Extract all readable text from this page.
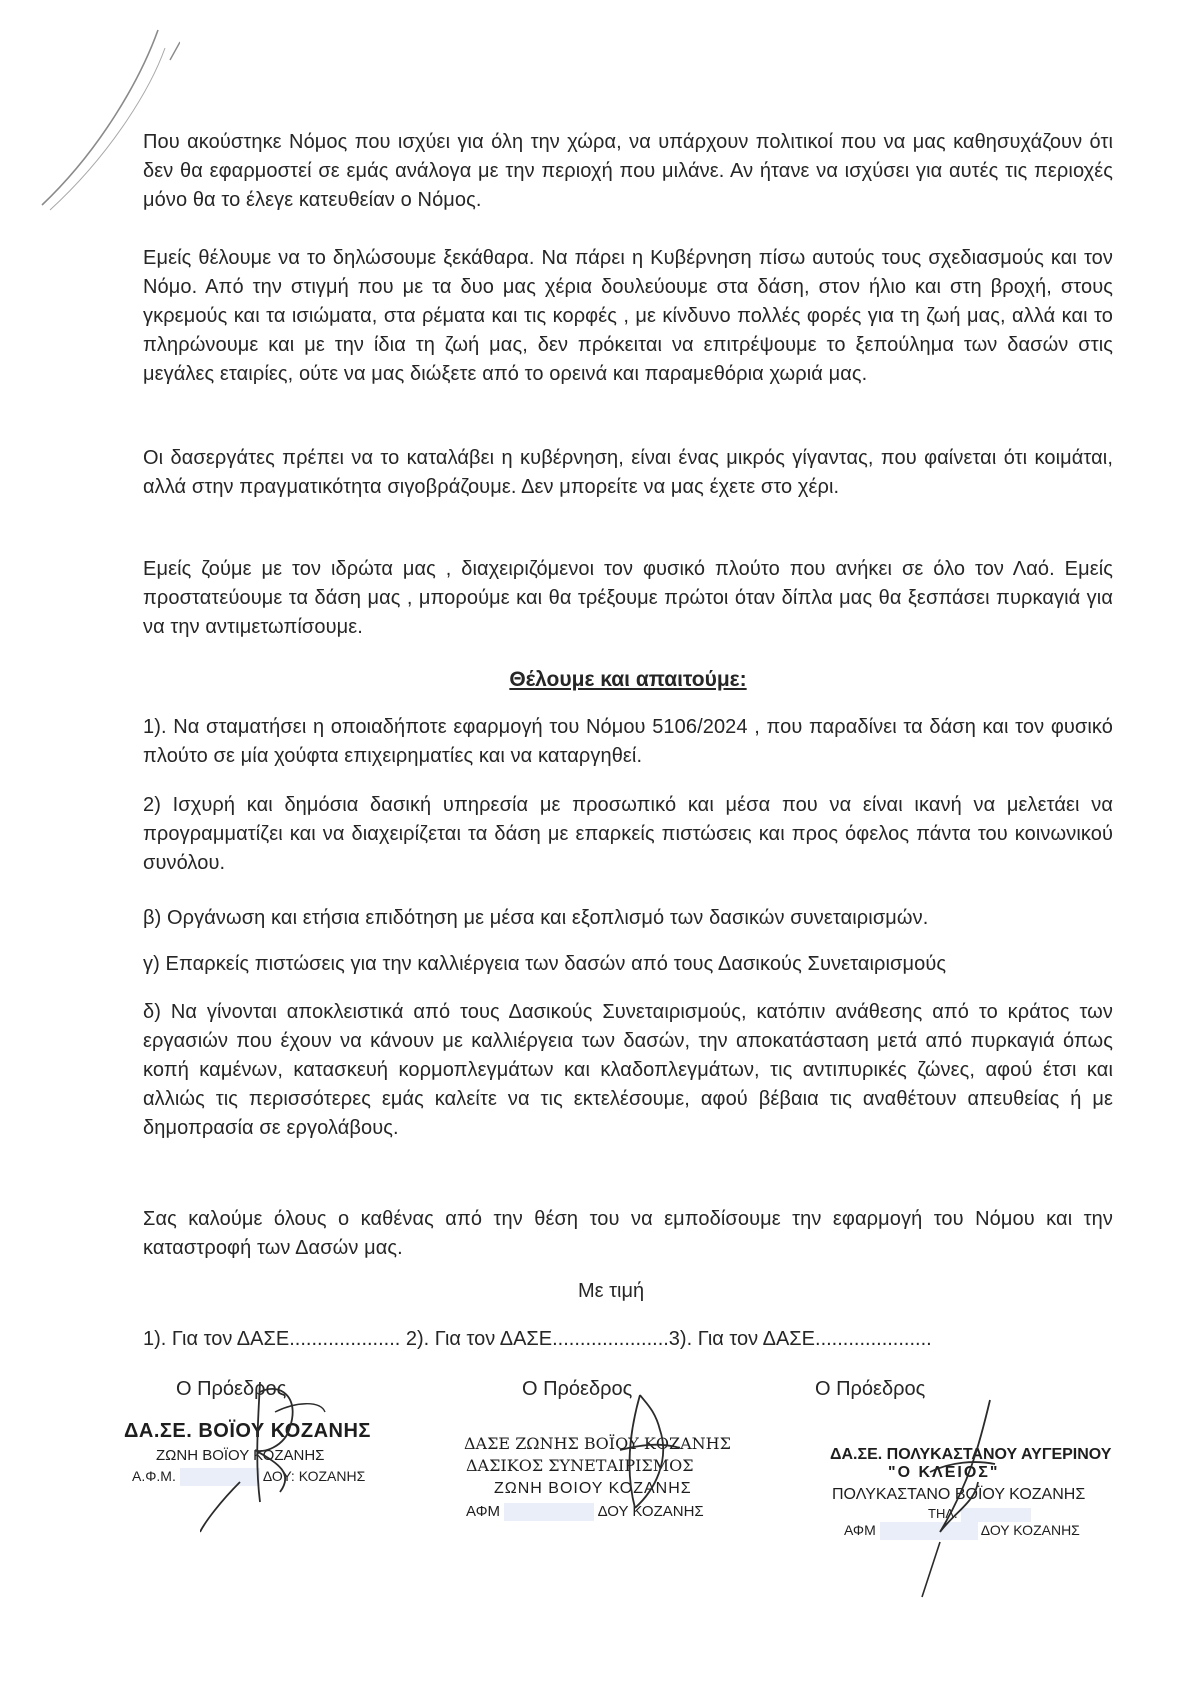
Που ακούστηκε Νόμος που ισχύει για όλη την χώρα, να υπάρχουν πολιτικοί που να μας καθησυχάζουν ότι δεν θα εφαρμοστεί σε εμάς ανάλογα με την περιοχή που μιλάνε. Αν ήτανε να ισχύσει για αυτές τις περιοχές μόνο θα το έλεγε κατευθείαν ο Νόμος.
Εμείς θέλουμε να το δηλώσουμε ξεκάθαρα. Να πάρει η Κυβέρνηση πίσω αυτούς τους σχεδιασμούς και τον Νόμο. Από την στιγμή που με τα δυο μας χέρια δουλεύουμε στα δάση, στον ήλιο και στη βροχή, στους γκρεμούς και τα ισιώματα, στα ρέματα και τις κορφές , με κίνδυνο πολλές φορές για τη ζωή μας, αλλά και το πληρώνουμε και με την ίδια τη ζωή μας, δεν πρόκειται να επιτρέψουμε το ξεπούλημα των δασών στις μεγάλες εταιρίες, ούτε να μας διώξετε από το ορεινά και παραμεθόρια χωριά μας.
Οι δασεργάτες πρέπει να το καταλάβει η κυβέρνηση, είναι ένας μικρός γίγαντας, που φαίνεται ότι κοιμάται, αλλά στην πραγματικότητα σιγοβράζουμε. Δεν μπορείτε να μας έχετε στο χέρι.
Εμείς ζούμε με τον ιδρώτα μας , διαχειριζόμενοι τον φυσικό πλούτο που ανήκει σε όλο τον Λαό. Εμείς προστατεύουμε τα δάση μας , μπορούμε και θα τρέξουμε πρώτοι όταν δίπλα μας θα ξεσπάσει πυρκαγιά για να την αντιμετωπίσουμε.
Θέλουμε και απαιτούμε:
1). Να σταματήσει η οποιαδήποτε εφαρμογή του Νόμου 5106/2024 , που παραδίνει τα δάση και τον φυσικό πλούτο σε μία χούφτα επιχειρηματίες και να καταργηθεί.
2) Ισχυρή και δημόσια δασική υπηρεσία με προσωπικό και μέσα που να είναι ικανή να μελετάει να προγραμματίζει και να διαχειρίζεται τα δάση με επαρκείς πιστώσεις και προς όφελος πάντα του κοινωνικού συνόλου.
β) Οργάνωση και ετήσια επιδότηση με μέσα και εξοπλισμό των δασικών συνεταιρισμών.
γ) Επαρκείς πιστώσεις για την καλλιέργεια των δασών από τους Δασικούς Συνεταιρισμούς
δ) Να γίνονται αποκλειστικά από τους Δασικούς Συνεταιρισμούς, κατόπιν ανάθεσης από το κράτος των εργασιών που έχουν να κάνουν με καλλιέργεια των δασών, την αποκατάσταση μετά από πυρκαγιά όπως κοπή καμένων, κατασκευή κορμοπλεγμάτων και κλαδοπλεγμάτων, τις αντιπυρικές ζώνες, αφού έτσι και αλλιώς τις περισσότερες εμάς καλείτε να τις εκτελέσουμε, αφού βέβαια τις αναθέτουν απευθείας ή με δημοπρασία σε εργολάβους.
Σας καλούμε όλους ο καθένας από την θέση του να εμποδίσουμε την εφαρμογή του Νόμου και την καταστροφή των Δασών μας.
Με τιμή
1). Για τον ΔΑΣΕ.................... 2). Για τον ΔΑΣΕ.....................3). Για τον ΔΑΣΕ.....................
Ο Πρόεδρος	Ο Πρόεδρος	Ο Πρόεδρος
ΔΑ.ΣΕ. ΒΟΪΟΥ ΚΟΖΑΝΗΣ
ΖΩΝΗ ΒΟΪΟΥ ΚΟΖΑΝΗΣ
Α.Φ.Μ.	ΔΟΥ: ΚΟΖΑΝΗΣ
ΔΑΣΕ ΖΩΝΗΣ ΒΟΪΟΥ ΚΟΖΑΝΗΣ
ΔΑΣΙΚΟΣ ΣΥΝΕΤΑΙΡΙΣΜΟΣ
ΖΩΝΗ ΒΟΙΟΥ ΚΟΖΑΝΗΣ
ΑΦΜ	ΔΟΥ ΚΟΖΑΝΗΣ
ΔΑ.ΣΕ. ΠΟΛΥΚΑΣΤΑΝΟΥ ΑΥΓΕΡΙΝΟΥ
"Ο ΚΛΕΙΟΣ"
ΠΟΛΥΚΑΣΤΑΝΟ ΒΟΪΟΥ ΚΟΖΑΝΗΣ
ΤΗΛ.
ΑΦΜ	ΔΟΥ ΚΟΖΑΝΗΣ
